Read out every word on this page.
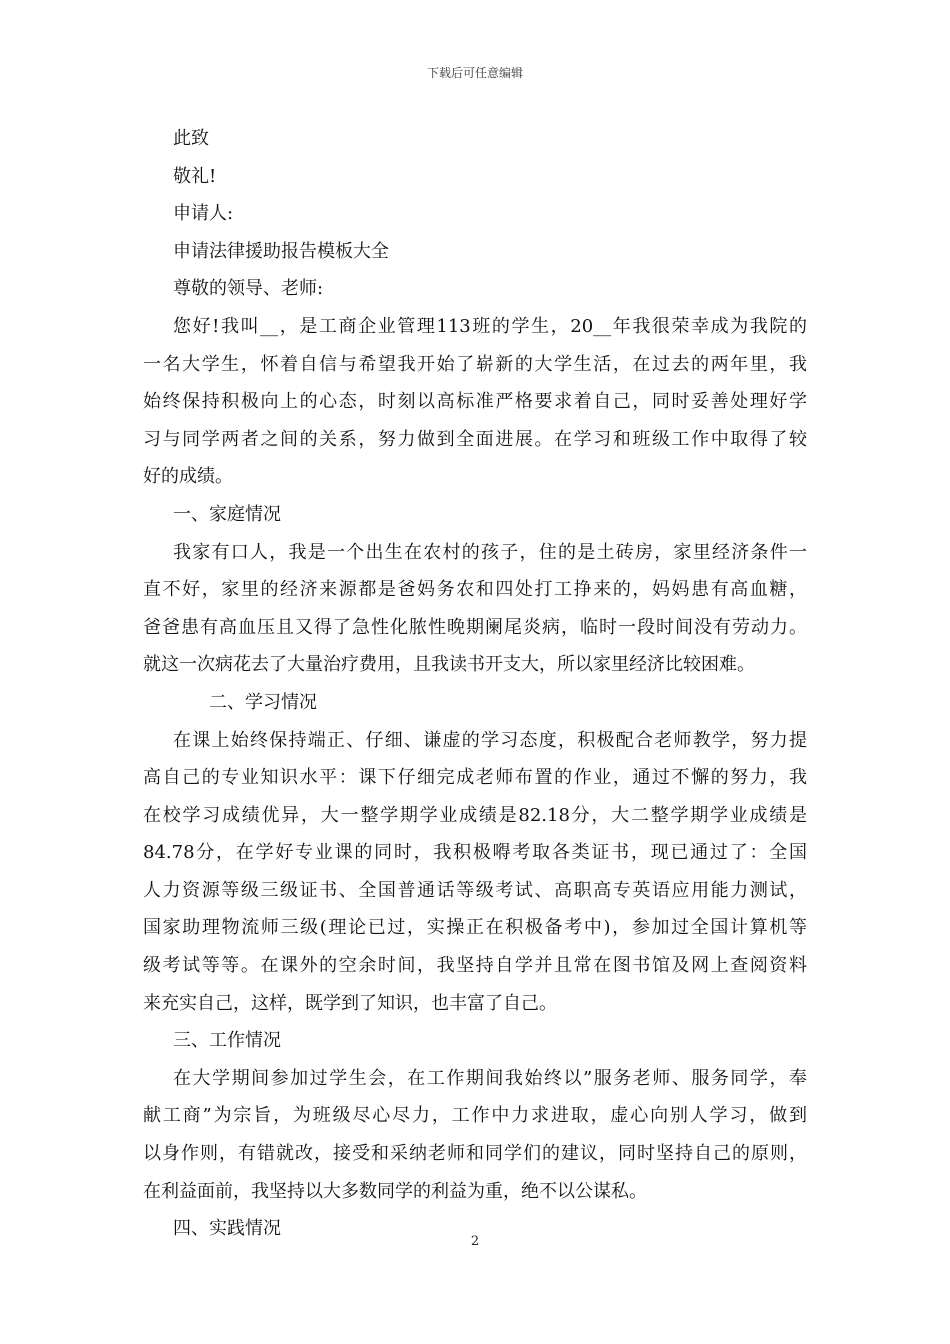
下载后可任意编辑
此致
敬礼!
申请人:
申请法律援助报告模板大全
尊敬的领导、老师:
您好!我叫__，是工商企业管理113班的学生，20__年我很荣幸成为我院的
一名大学生，怀着自信与希望我开始了崭新的大学生活，在过去的两年里，我
始终保持积极向上的心态，时刻以高标准严格要求着自己，同时妥善处理好学
习与同学两者之间的关系，努力做到全面进展。在学习和班级工作中取得了较
好的成绩。
一、家庭情况
我家有口人，我是一个出生在农村的孩子，住的是土砖房，家里经济条件一
直不好，家里的经济来源都是爸妈务农和四处打工挣来的，妈妈患有高血糖，
爸爸患有高血压且又得了急性化脓性晚期阑尾炎病，临时一段时间没有劳动力。
就这一次病花去了大量治疗费用，且我读书开支大，所以家里经济比较困难。
二、学习情况
在课上始终保持端正、仔细、谦虚的学习态度，积极配合老师教学，努力提
高自己的专业知识水平：课下仔细完成老师布置的作业，通过不懈的努力，我
在校学习成绩优异，大一整学期学业成绩是82.18分，大二整学期学业成绩是
84.78分，在学好专业课的同时，我积极嘚考取各类证书，现已通过了：全国
人力资源等级三级证书、全国普通话等级考试、高职高专英语应用能力测试，
国家助理物流师三级(理论已过，实操正在积极备考中)，参加过全国计算机等
级考试等等。在课外的空余时间，我坚持自学并且常在图书馆及网上查阅资料
来充实自己，这样，既学到了知识，也丰富了自己。
三、工作情况
在大学期间参加过学生会，在工作期间我始终以”服务老师、服务同学，奉
献工商”为宗旨，为班级尽心尽力，工作中力求进取，虚心向别人学习，做到
以身作则，有错就改，接受和采纳老师和同学们的建议，同时坚持自己的原则，
在利益面前，我坚持以大多数同学的利益为重，绝不以公谋私。
四、实践情况
2
